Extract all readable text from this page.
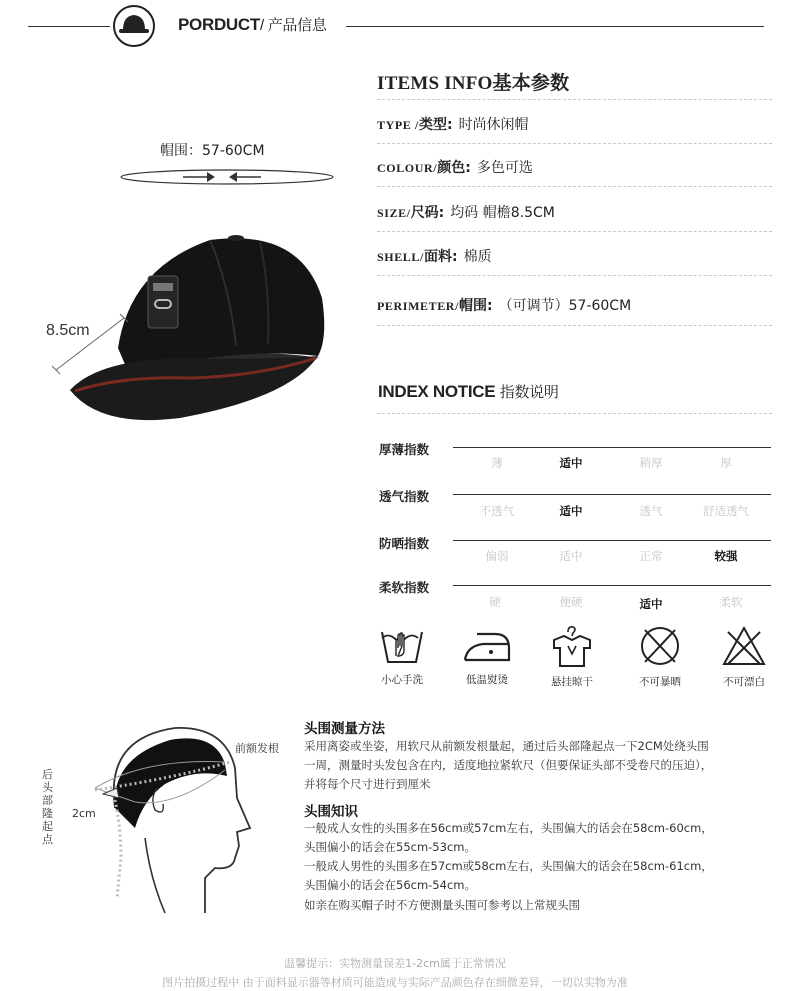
PORDUCT/ 产品信息
帽围：57-60CM
8.5cm
ITEMS INFO基本参数
TYPE /类型: 时尚休闲帽
COLOUR/颜色: 多色可选
SIZE/尺码: 均码 帽檐8.5CM
SHELL/面料: 棉质
PERIMETER/帽围: （可调节）57-60CM
INDEX NOTICE 指数说明
厚薄指数
薄	适中	稍厚	厚
透气指数
不透气	适中	透气	舒适透气
防晒指数
偏弱	适中	正常	较强
柔软指数
硬	便硬	适中	柔软
小心手洗	低温熨烫	悬挂晾干	不可暴晒	不可漂白
前额发根
后头部隆起点
2cm
头围测量方法
采用离姿或坐姿，用软尺从前额发根量起，通过后头部隆起点一下2CM处绕头围
一周，测量时头发包含在内，适度地拉紧软尺（但要保证头部不受卷尺的压迫），
并将每个尺寸进行到厘米
头围知识
一般成人女性的头围多在56cm或57cm左右，头围偏大的话会在58cm-60cm，
头围偏小的话会在55cm-53cm。
一般成人男性的头围多在57cm或58cm左右，头围偏大的话会在58cm-61cm，
头围偏小的话会在56cm-54cm。
如亲在购买帽子时不方便测量头围可参考以上常规头围
温馨提示：实物测量误差1-2cm属于正常情况
图片拍摄过程中 由于面料显示器等材质可能造成与实际产品颜色存在细微差异，一切以实物为准
